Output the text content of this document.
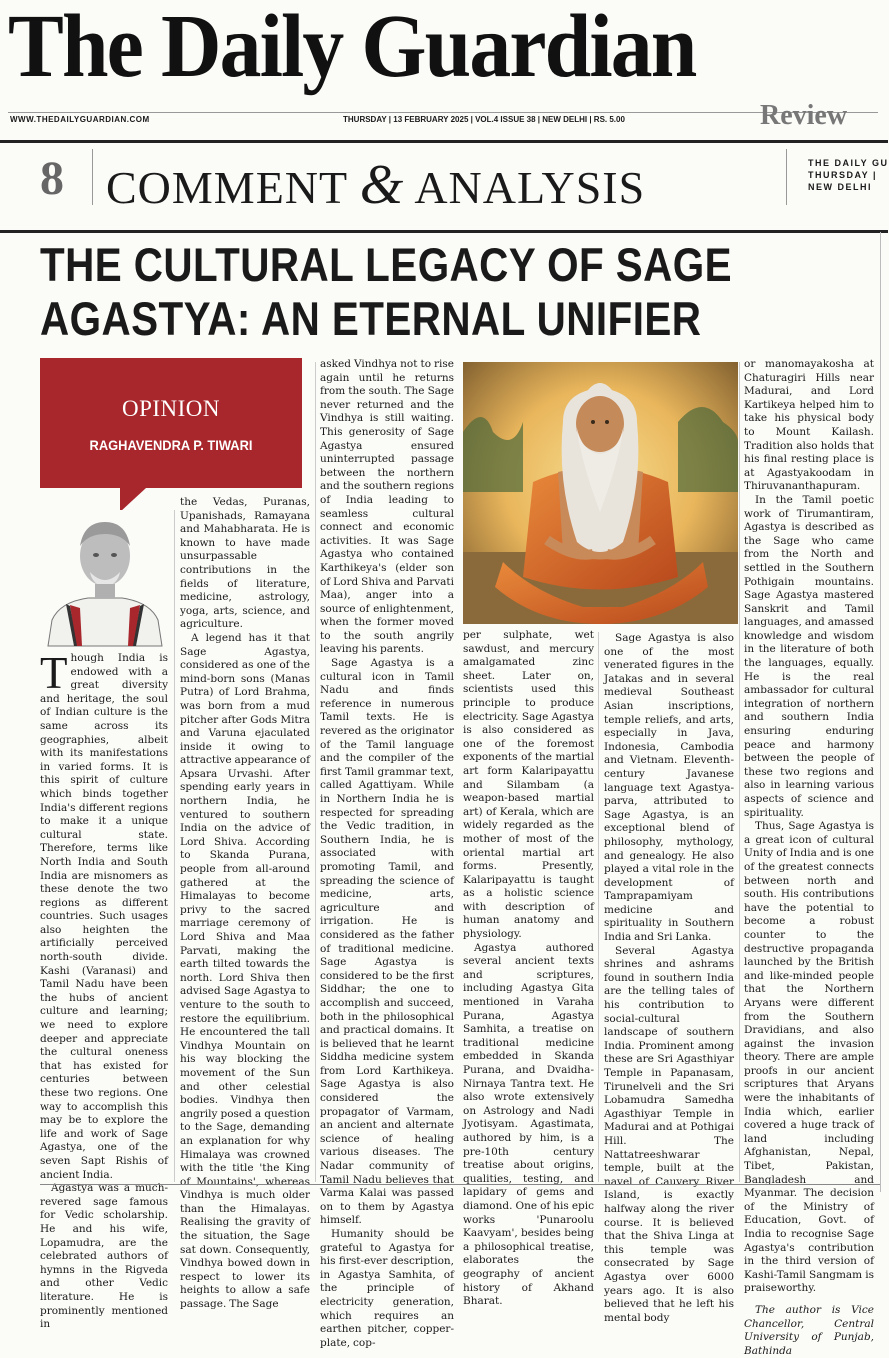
The Daily Guardian
WWW.THEDAILYGUARDIAN.COM	THURSDAY | 13 FEBRUARY 2025 | VOL.4 ISSUE 38 | NEW DELHI | RS. 5.00	Review
8 COMMENT & ANALYSIS	THE DAILY GU
THURSDAY |
NEW DELHI
THE CULTURAL LEGACY OF SAGE AGASTYA: AN ETERNAL UNIFIER
OPINION
RAGHAVENDRA P. TIWARI

Though India is endowed with a great diversity and heritage, the soul of Indian culture is the same across its geographies, albeit with its manifestations in varied forms. It is this spirit of culture which binds together India's different regions to make it a unique cultural state. Therefore, terms like North India and South India are misnomers as these denote the two regions as different countries. Such usages also heighten the artificially perceived north-south divide. Kashi (Varanasi) and Tamil Nadu have been the hubs of ancient culture and learning; we need to explore deeper and appreciate the cultural oneness that has existed for centuries between these two regions. One way to accomplish this may be to explore the life and work of Sage Agastya, one of the seven Sapt Rishis of ancient India.

Agastya was a much-revered sage famous for Vedic scholarship. He and his wife, Lopamudra, are the celebrated authors of hymns in the Rigveda and other Vedic literature. He is prominently mentioned in

the Vedas, Puranas, Upanishads, Ramayana and Mahabharata. He is known to have made unsurpassable contributions in the fields of literature, medicine, astrology, yoga, arts, science, and agriculture.

A legend has it that Sage Agastya, considered as one of the mind-born sons (Manas Putra) of Lord Brahma, was born from a mud pitcher after Gods Mitra and Varuna ejaculated inside it owing to attractive appearance of Apsara Urvashi. After spending early years in northern India, he ventured to southern India on the advice of Lord Shiva. According to Skanda Purana, people from all-around gathered at the Himalayas to become privy to the sacred marriage ceremony of Lord Shiva and Maa Parvati, making the earth tilted towards the north. Lord Shiva then advised Sage Agastya to venture to the south to restore the equilibrium. He encountered the tall Vindhya Mountain on his way blocking the movement of the Sun and other celestial bodies. Vindhya then angrily posed a question to the Sage, demanding an explanation for why Himalaya was crowned with the title 'the King of Mountains', whereas Vindhya is much older than the Himalayas. Realising the gravity of the situation, the Sage sat down. Consequently, Vindhya bowed down in respect to lower its heights to allow a safe passage. The Sage

asked Vindhya not to rise again until he returns from the south. The Sage never returned and the Vindhya is still waiting. This generosity of Sage Agastya ensured uninterrupted passage between the northern and the southern regions of India leading to seamless cultural connect and economic activities. It was Sage Agastya who contained Karthikeya's (elder son of Lord Shiva and Parvati Maa), anger into a source of enlightenment, when the former moved to the south angrily leaving his parents.

Sage Agastya is a cultural icon in Tamil Nadu and finds reference in numerous Tamil texts. He is revered as the originator of the Tamil language and the compiler of the first Tamil grammar text, called Agattiyam. While in Northern India he is respected for spreading the Vedic tradition, in Southern India, he is associated with promoting Tamil, and spreading the science of medicine, arts, agriculture and irrigation. He is considered as the father of traditional medicine. Sage Agastya is considered to be the first Siddhar; the one to accomplish and succeed, both in the philosophical and practical domains. It is believed that he learnt Siddha medicine system from Lord Karthikeya. Sage Agastya is also considered the propagator of Varmam, an ancient and alternate science of healing various diseases. The Nadar community of Tamil Nadu believes that Varma Kalai was passed on to them by Agastya himself.

Humanity should be grateful to Agastya for his first-ever description, in Agastya Samhita, of the principle of electricity generation, which requires an earthen pitcher, copper-plate, cop-

per sulphate, wet sawdust, and mercury amalgamated zinc sheet. Later on, scientists used this principle to produce electricity. Sage Agastya is also considered as one of the foremost exponents of the martial art form Kalaripayattu and Silambam (a weapon-based martial art) of Kerala, which are widely regarded as the mother of most of the oriental martial art forms. Presently, Kalaripayattu is taught as a holistic science with description of human anatomy and physiology.

Agastya authored several ancient texts and scriptures, including Agastya Gita mentioned in Varaha Purana, Agastya Samhita, a treatise on traditional medicine embedded in Skanda Purana, and Dvaidha-Nirnaya Tantra text. He also wrote extensively on Astrology and Nadi Jyotisyam. Agastimata, authored by him, is a pre-10th century treatise about origins, qualities, testing, and lapidary of gems and diamond. One of his epic works 'Punaroolu Kaavyam', besides being a philosophical treatise, elaborates the geography of ancient history of Akhand Bharat.

Sage Agastya is also one of the most venerated figures in the Jatakas and in several medieval Southeast Asian inscriptions, temple reliefs, and arts, especially in Java, Indonesia, Cambodia and Vietnam. Eleventh-century Javanese language text Agastya-parva, attributed to Sage Agastya, is an exceptional blend of philosophy, mythology, and genealogy. He also played a vital role in the development of Tamprapamiyam medicine and spirituality in Southern India and Sri Lanka.

Several Agastya shrines and ashrams found in southern India are the telling tales of his contribution to social-cultural landscape of southern India. Prominent among these are Sri Agasthiyar Temple in Papanasam, Tirunelveli and the Sri Lobamudra Samedha Agasthiyar Temple in Madurai and at Pothigai Hill. The Nattatreeshwarar temple, built at the navel of Cauvery River Island, is exactly halfway along the river course. It is believed that the Shiva Linga at this temple was consecrated by Sage Agastya over 6000 years ago. It is also believed that he left his mental body

or manomayakosha at Chaturagiri Hills near Madurai, and Lord Kartikeya helped him to take his physical body to Mount Kailash. Tradition also holds that his final resting place is at Agastyakoodam in Thiruvananthapuram.

In the Tamil poetic work of Tirumantiram, Agastya is described as the Sage who came from the North and settled in the Southern Pothigain mountains. Sage Agastya mastered Sanskrit and Tamil languages, and amassed knowledge and wisdom in the literature of both the languages, equally. He is the real ambassador for cultural integration of northern and southern India ensuring enduring peace and harmony between the people of these two regions and also in learning various aspects of science and spirituality.

Thus, Sage Agastya is a great icon of cultural Unity of India and is one of the greatest connects between north and south. His contributions have the potential to become a robust counter to the destructive propaganda launched by the British and like-minded people that the Northern Aryans were different from the Southern Dravidians, and also against the invasion theory. There are ample proofs in our ancient scriptures that Aryans were the inhabitants of India which, earlier covered a huge track of land including Afghanistan, Nepal, Tibet, Pakistan, Bangladesh and Myanmar. The decision of the Ministry of Education, Govt. of India to recognise Sage Agastya's contribution in the third version of Kashi-Tamil Sangmam is praiseworthy.

The author is Vice Chancellor, Central University of Punjab, Bathinda
